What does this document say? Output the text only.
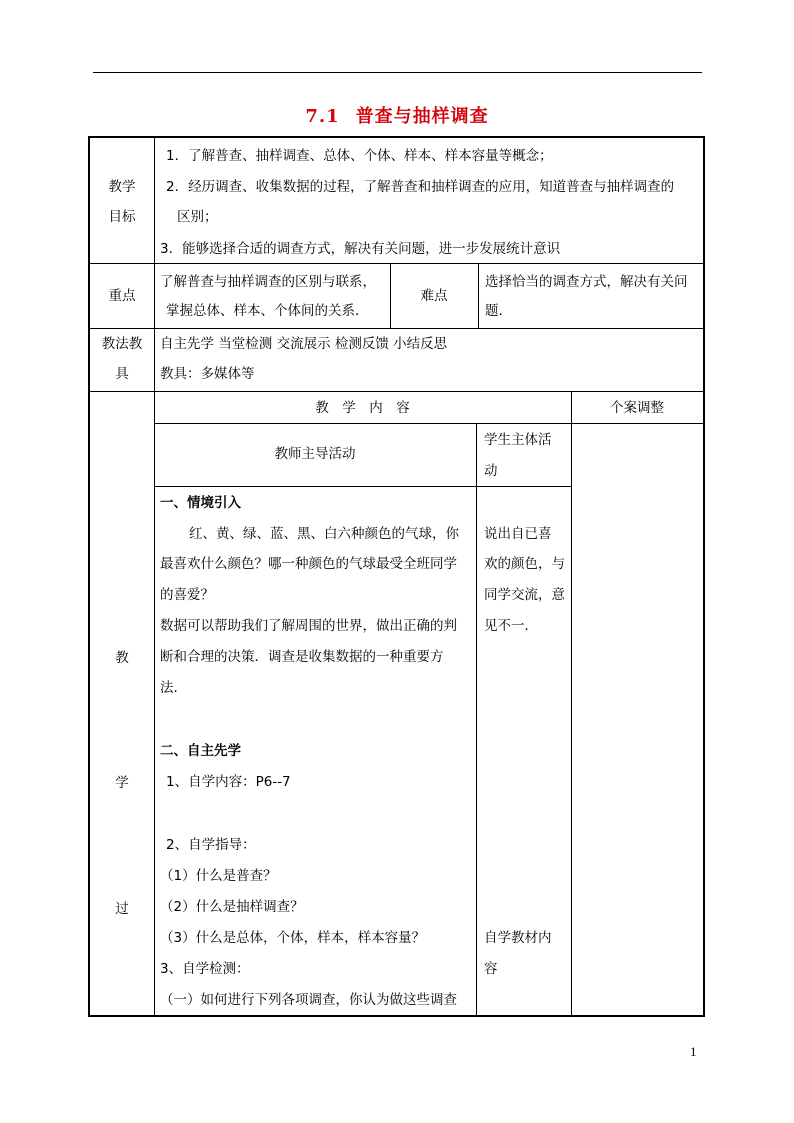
7.1 普查与抽样调查
教学
目标
1．了解普查、抽样调查、总体、个体、样本、样本容量等概念；
2．经历调查、收集数据的过程，了解普查和抽样调查的应用，知道普查与抽样调查的
区别；
3．能够选择合适的调查方式，解决有关问题，进一步发展统计意识
重点
了解普查与抽样调查的区别与联系，
掌握总体、样本、个体间的关系．
难点
选择恰当的调查方式，解决有关问
题．
教法教
具
自主先学 当堂检测 交流展示 检测反馈 小结反思
教具：多媒体等
教
学
过
教　学　内　容	个案调整
教师主导活动
学生主体活
动
一、情境引入
红、黄、绿、蓝、黑、白六种颜色的气球，你
最喜欢什么颜色？哪一种颜色的气球最受全班同学
的喜爱？
数据可以帮助我们了解周围的世界，做出正确的判
断和合理的决策．调查是收集数据的一种重要方
法．
二、自主先学
1、自学内容：P6--7
2、自学指导：
（1）什么是普查？
（2）什么是抽样调查？
（3）什么是总体，个体，样本，样本容量？
3、自学检测：
（一）如何进行下列各项调查，你认为做这些调查
说出自已喜
欢的颜色，与
同学交流，意
见不一．
自学教材内
容
1
